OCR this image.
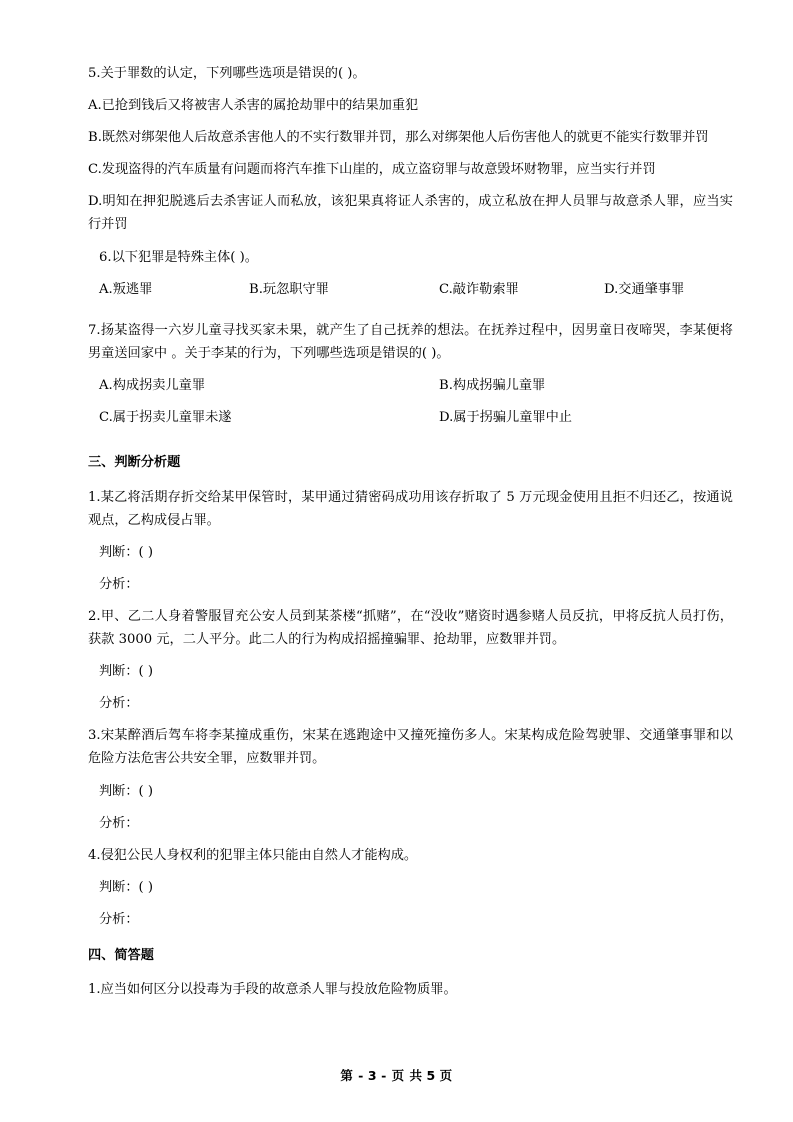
5.关于罪数的认定，下列哪些选项是错误的( )。

A.已抢到钱后又将被害人杀害的属抢劫罪中的结果加重犯

B.既然对绑架他人后故意杀害他人的不实行数罪并罚，那么对绑架他人后伤害他人的就更不能实行数罪并罚

C.发现盗得的汽车质量有问题而将汽车推下山崖的，成立盗窃罪与故意毁坏财物罪，应当实行并罚

D.明知在押犯脱逃后去杀害证人而私放，该犯果真将证人杀害的，成立私放在押人员罪与故意杀人罪，应当实行并罚

6.以下犯罪是特殊主体( )。

A.叛逃罪	B.玩忽职守罪	C.敲诈勒索罪	D.交通肇事罪

7.扬某盗得一六岁儿童寻找买家未果，就产生了自己抚养的想法。在抚养过程中，因男童日夜啼哭，李某便将男童送回家中 。关于李某的行为，下列哪些选项是错误的( )。

A.构成拐卖儿童罪	B.构成拐骗儿童罪
C.属于拐卖儿童罪未遂	D.属于拐骗儿童罪中止
三、判断分析题

1.某乙将活期存折交给某甲保管时，某甲通过猜密码成功用该存折取了 5 万元现金使用且拒不归还乙，按通说观点，乙构成侵占罪。

判断：( )

分析：

2.甲、乙二人身着警服冒充公安人员到某茶楼“抓赌”，在“没收”赌资时遇参赌人员反抗，甲将反抗人员打伤，获款 3000 元，二人平分。此二人的行为构成招摇撞骗罪、抢劫罪，应数罪并罚。

判断：( )

分析：

3.宋某醉酒后驾车将李某撞成重伤，宋某在逃跑途中又撞死撞伤多人。宋某构成危险驾驶罪、交通肇事罪和以危险方法危害公共安全罪，应数罪并罚。

判断：( )

分析：

4.侵犯公民人身权利的犯罪主体只能由自然人才能构成。

判断：( )

分析：

四、简答题

1.应当如何区分以投毒为手段的故意杀人罪与投放危险物质罪。

第 - 3 - 页 共 5 页
